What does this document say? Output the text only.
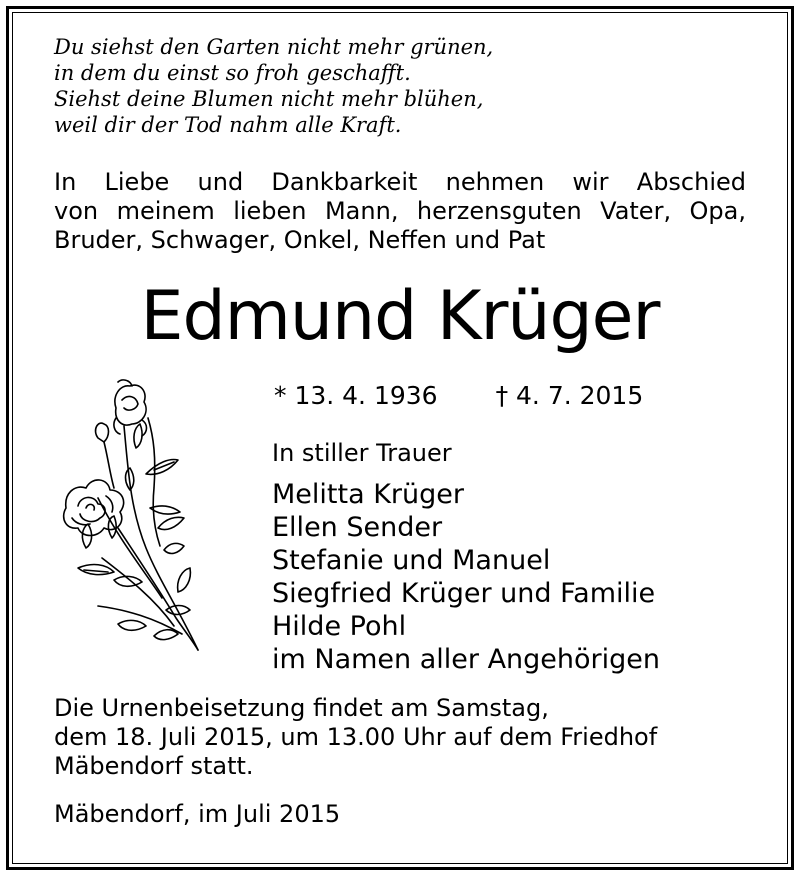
Du siehst den Garten nicht mehr grünen,
in dem du einst so froh geschafft.
Siehst deine Blumen nicht mehr blühen,
weil dir der Tod nahm alle Kraft.
In Liebe und Dankbarkeit nehmen wir Abschied
von meinem lieben Mann, herzensguten Vater, Opa,
Bruder, Schwager, Onkel, Neffen und Pat
Edmund Krüger
* 13. 4. 1936 † 4. 7. 2015
In stiller Trauer
Melitta Krüger
Ellen Sender
Stefanie und Manuel
Siegfried Krüger und Familie
Hilde Pohl
im Namen aller Angehörigen
Die Urnenbeisetzung findet am Samstag,
dem 18. Juli 2015, um 13.00 Uhr auf dem Friedhof
Mäbendorf statt.
Mäbendorf, im Juli 2015
